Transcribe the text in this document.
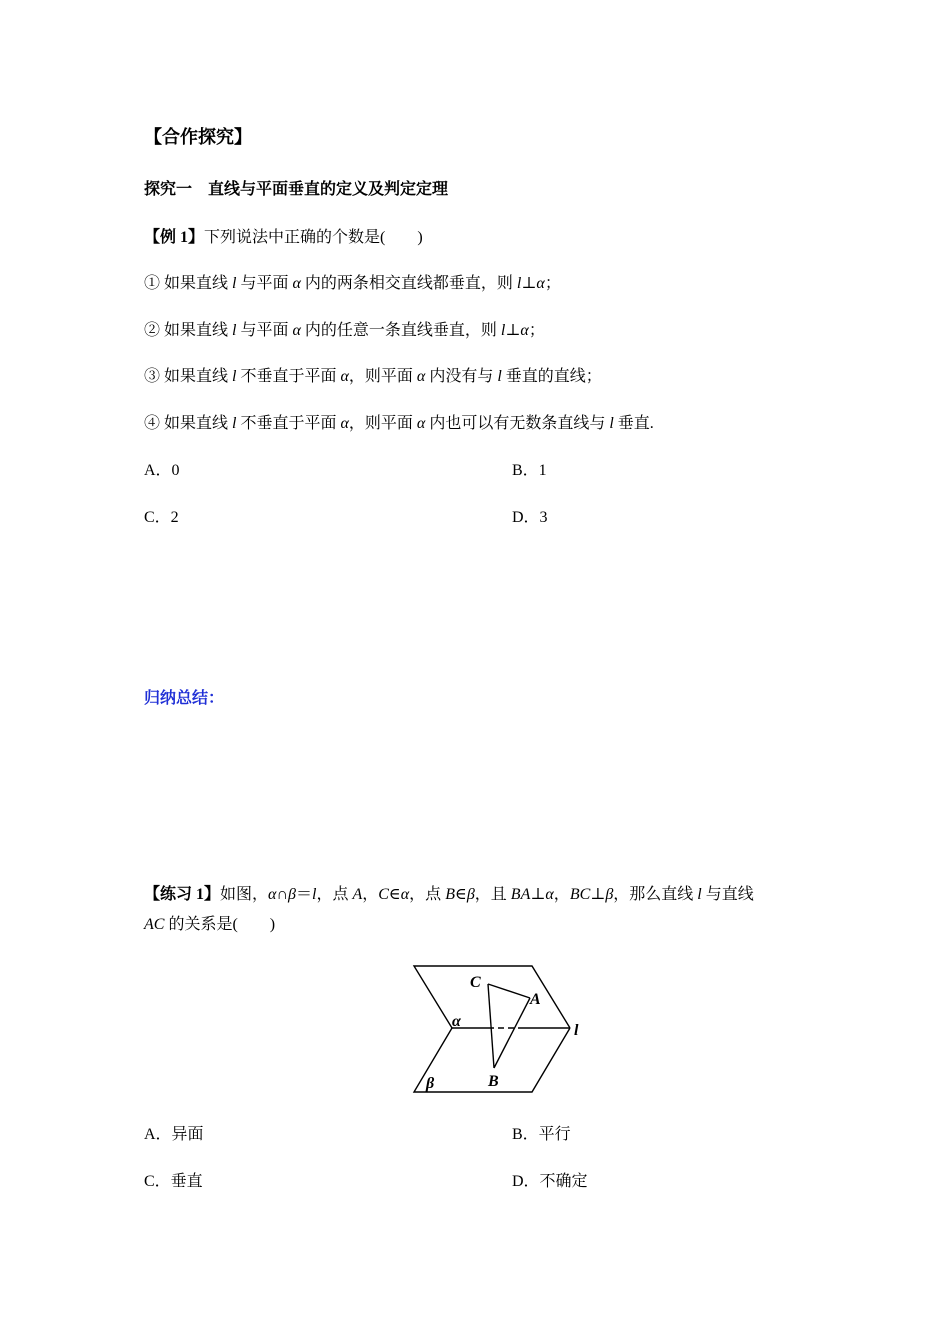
【合作探究】
探究一　直线与平面垂直的定义及判定定理
【例 1】下列说法中正确的个数是(　　)
① 如果直线 l 与平面 α 内的两条相交直线都垂直，则 l⊥α；
② 如果直线 l 与平面 α 内的任意一条直线垂直，则 l⊥α；
③ 如果直线 l 不垂直于平面 α，则平面 α 内没有与 l 垂直的直线；
④ 如果直线 l 不垂直于平面 α，则平面 α 内也可以有无数条直线与 l 垂直.
A．0	B．1
C．2	D．3
归纳总结：
【练习 1】如图，α∩β＝l，点 A，C∈α，点 B∈β，且 BA⊥α，BC⊥β，那么直线 l 与直线
AC 的关系是(　　)
C
A
α
l
β	B
A．异面	B．平行
C．垂直	D．不确定
